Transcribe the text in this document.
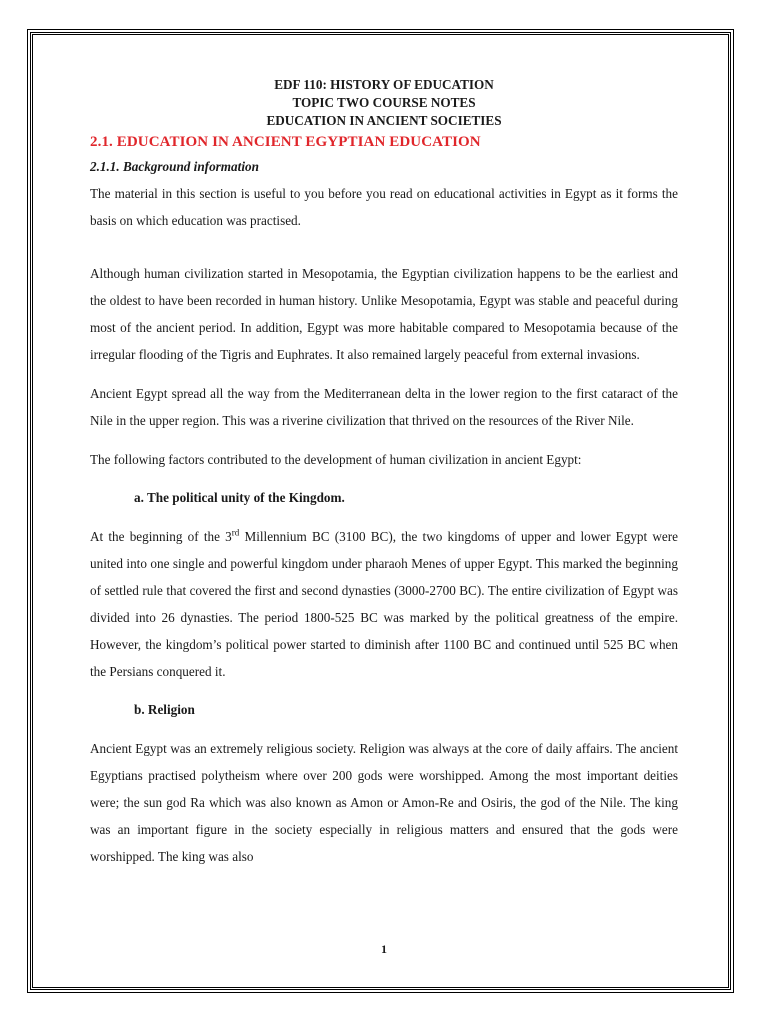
EDF 110: HISTORY OF EDUCATION

TOPIC TWO COURSE NOTES

EDUCATION IN ANCIENT SOCIETIES

2.1. EDUCATION IN ANCIENT EGYPTIAN EDUCATION

2.1.1. Background information

The material in this section is useful to you before you read on educational activities in Egypt as it forms the basis on which education was practised.

Although human civilization started in Mesopotamia, the Egyptian civilization happens to be the earliest and the oldest to have been recorded in human history. Unlike Mesopotamia, Egypt was stable and peaceful during most of the ancient period. In addition, Egypt was more habitable compared to Mesopotamia because of the irregular flooding of the Tigris and Euphrates. It also remained largely peaceful from external invasions.

Ancient Egypt spread all the way from the Mediterranean delta in the lower region to the first cataract of the Nile in the upper region. This was a riverine civilization that thrived on the resources of the River Nile.

The following factors contributed to the development of human civilization in ancient Egypt:

a. The political unity of the Kingdom.

At the beginning of the 3rd Millennium BC (3100 BC), the two kingdoms of upper and lower Egypt were united into one single and powerful kingdom under pharaoh Menes of upper Egypt. This marked the beginning of settled rule that covered the first and second dynasties (3000-2700 BC). The entire civilization of Egypt was divided into 26 dynasties. The period 1800-525 BC was marked by the political greatness of the empire. However, the kingdom’s political power started to diminish after 1100 BC and continued until 525 BC when the Persians conquered it.

b. Religion

Ancient Egypt was an extremely religious society. Religion was always at the core of daily affairs. The ancient Egyptians practised polytheism where over 200 gods were worshipped. Among the most important deities were; the sun god Ra which was also known as Amon or Amon-Re and Osiris, the god of the Nile. The king was an important figure in the society especially in religious matters and ensured that the gods were worshipped. The king was also

1
